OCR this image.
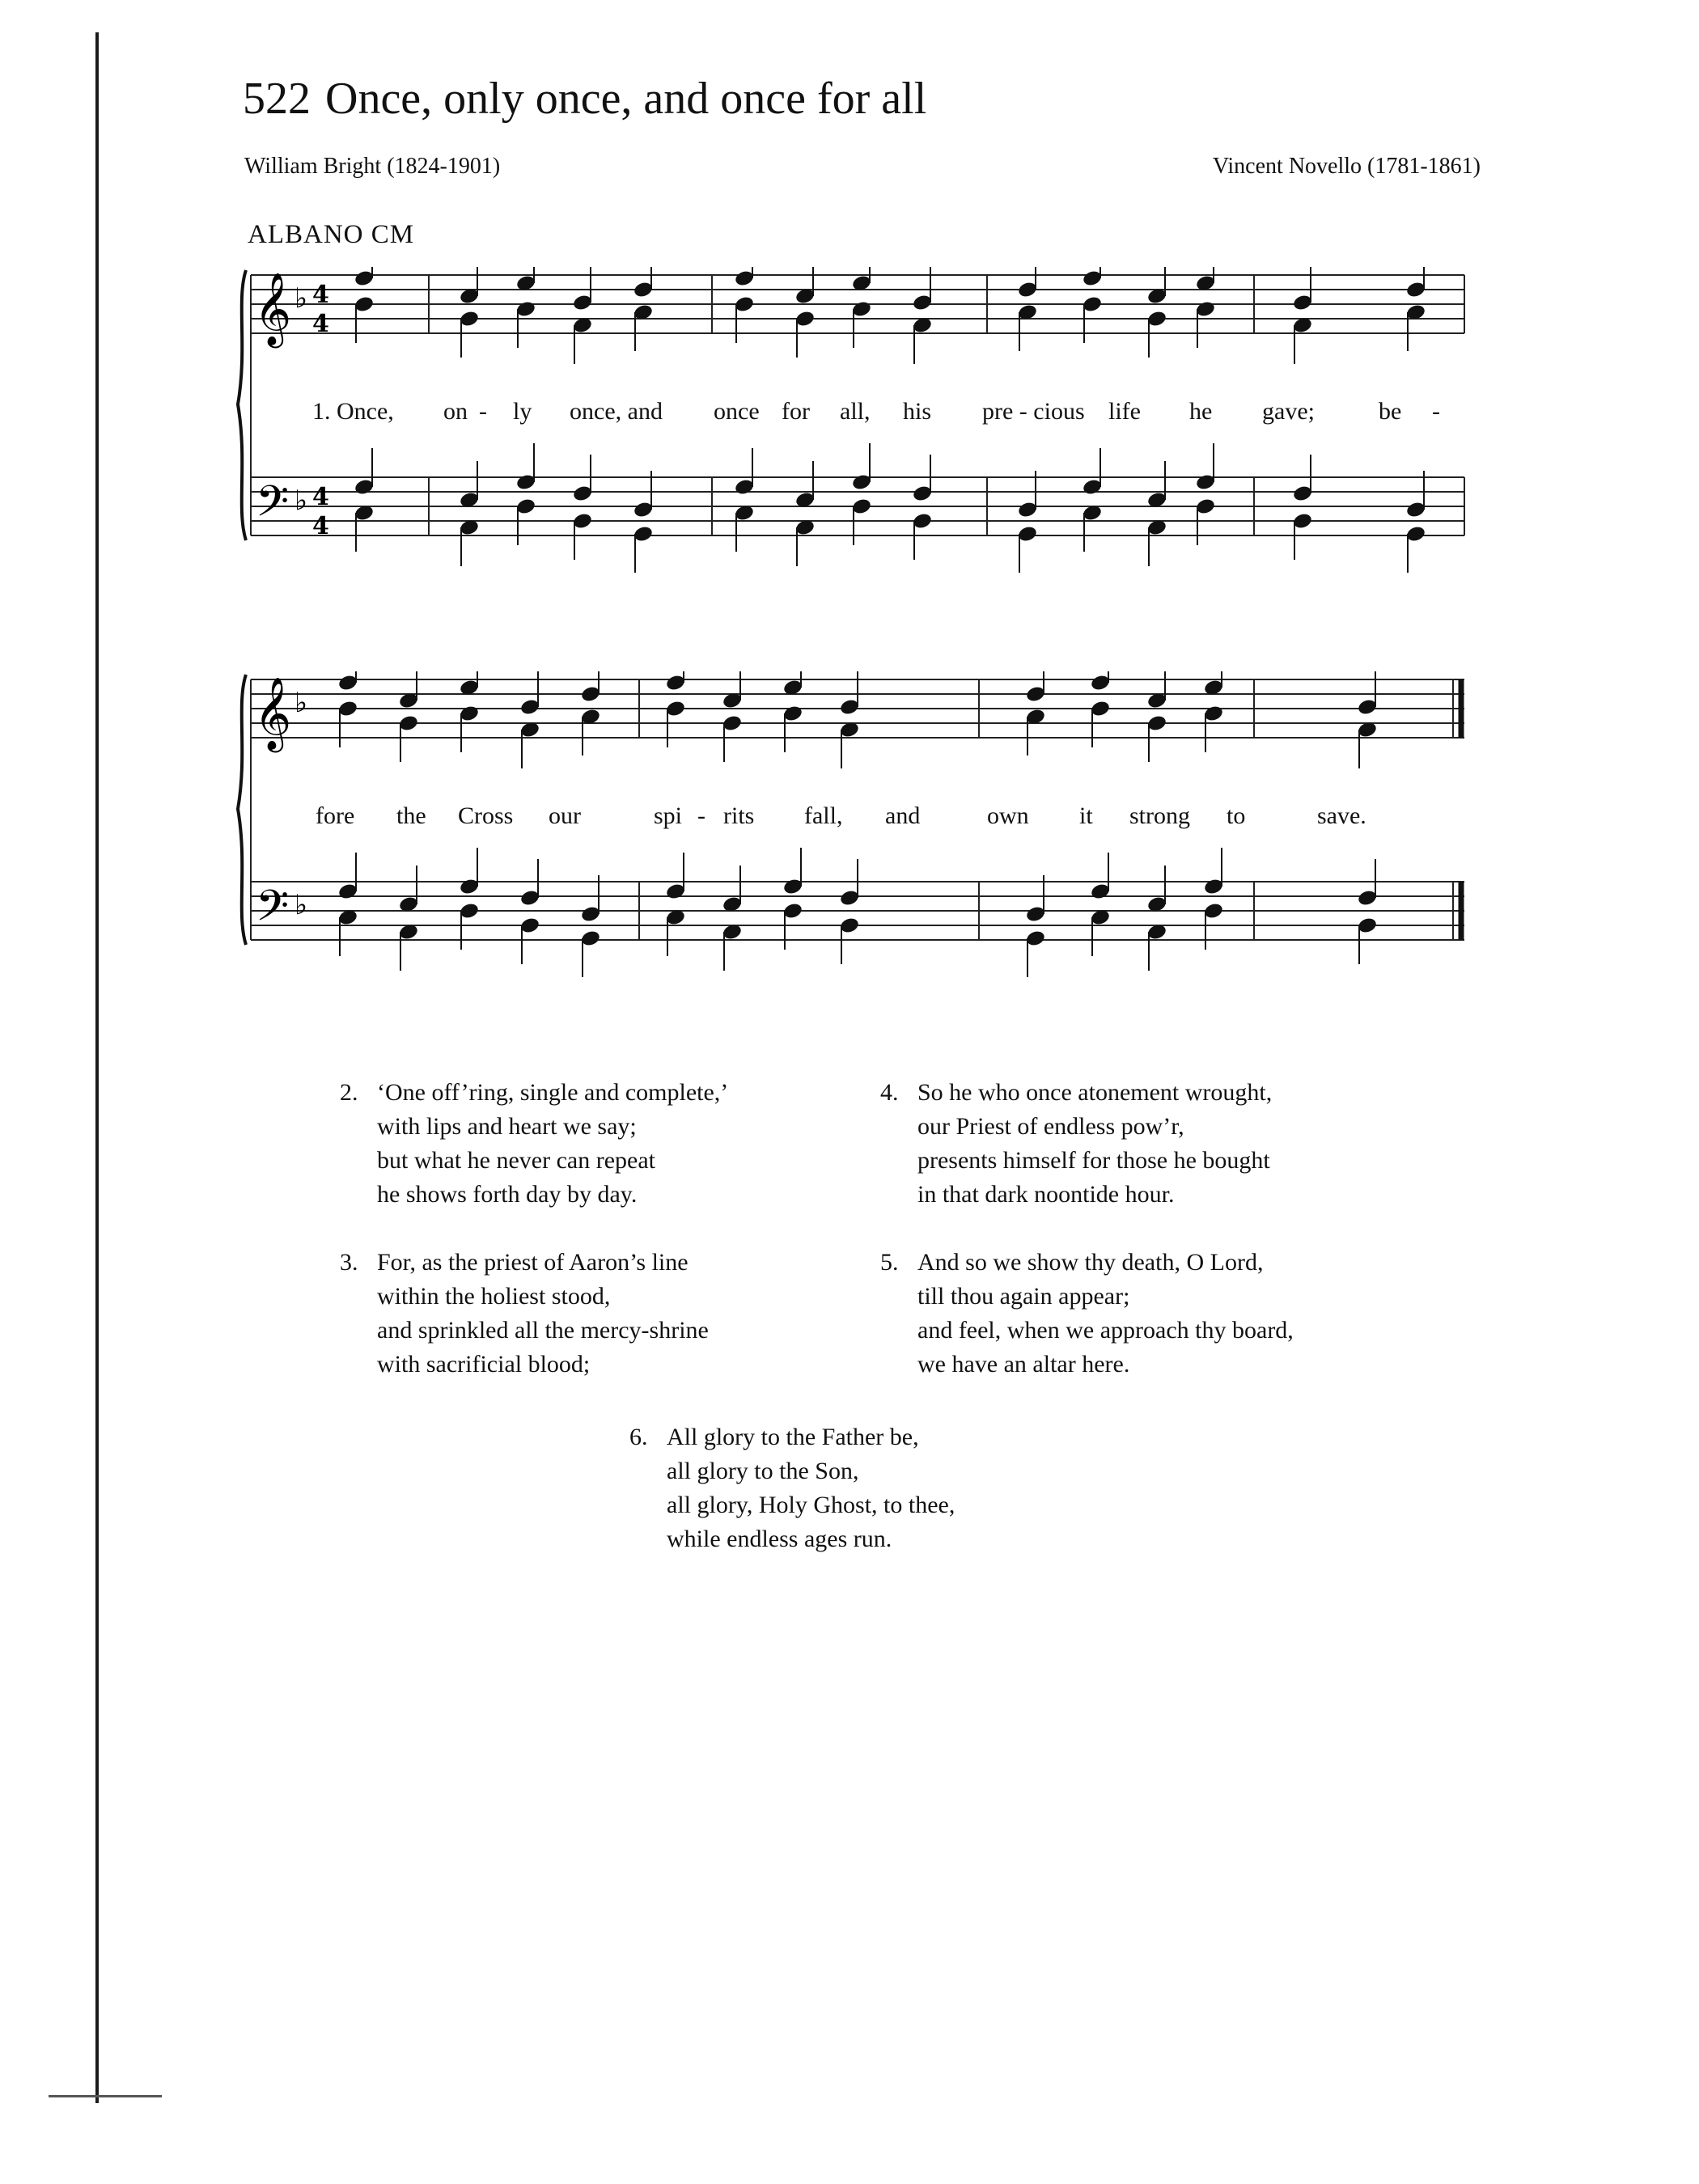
522 Once, only once, and once for all
William Bright (1824-1901)	Vincent Novello (1781-1861)
ALBANO CM
𝄞
𝄢
♭
♭
4
4
4
4
1. Once, on - ly once, and once for all, his pre - cious life he gave;	be -
𝄞
𝄢
♭
♭
fore the Cross our	spi - rits fall, and	own it strong to	save.
2. ‘One off’ring, single and complete,’
with lips and heart we say;
but what he never can repeat
he shows forth day by day.
3. For, as the priest of Aaron’s line
within the holiest stood,
and sprinkled all the mercy-shrine
with sacrificial blood;
4. So he who once atonement wrought,
our Priest of endless pow’r,
presents himself for those he bought
in that dark noontide hour.
5. And so we show thy death, O Lord,
till thou again appear;
and feel, when we approach thy board,
we have an altar here.
6. All glory to the Father be,
all glory to the Son,
all glory, Holy Ghost, to thee,
while endless ages run.
